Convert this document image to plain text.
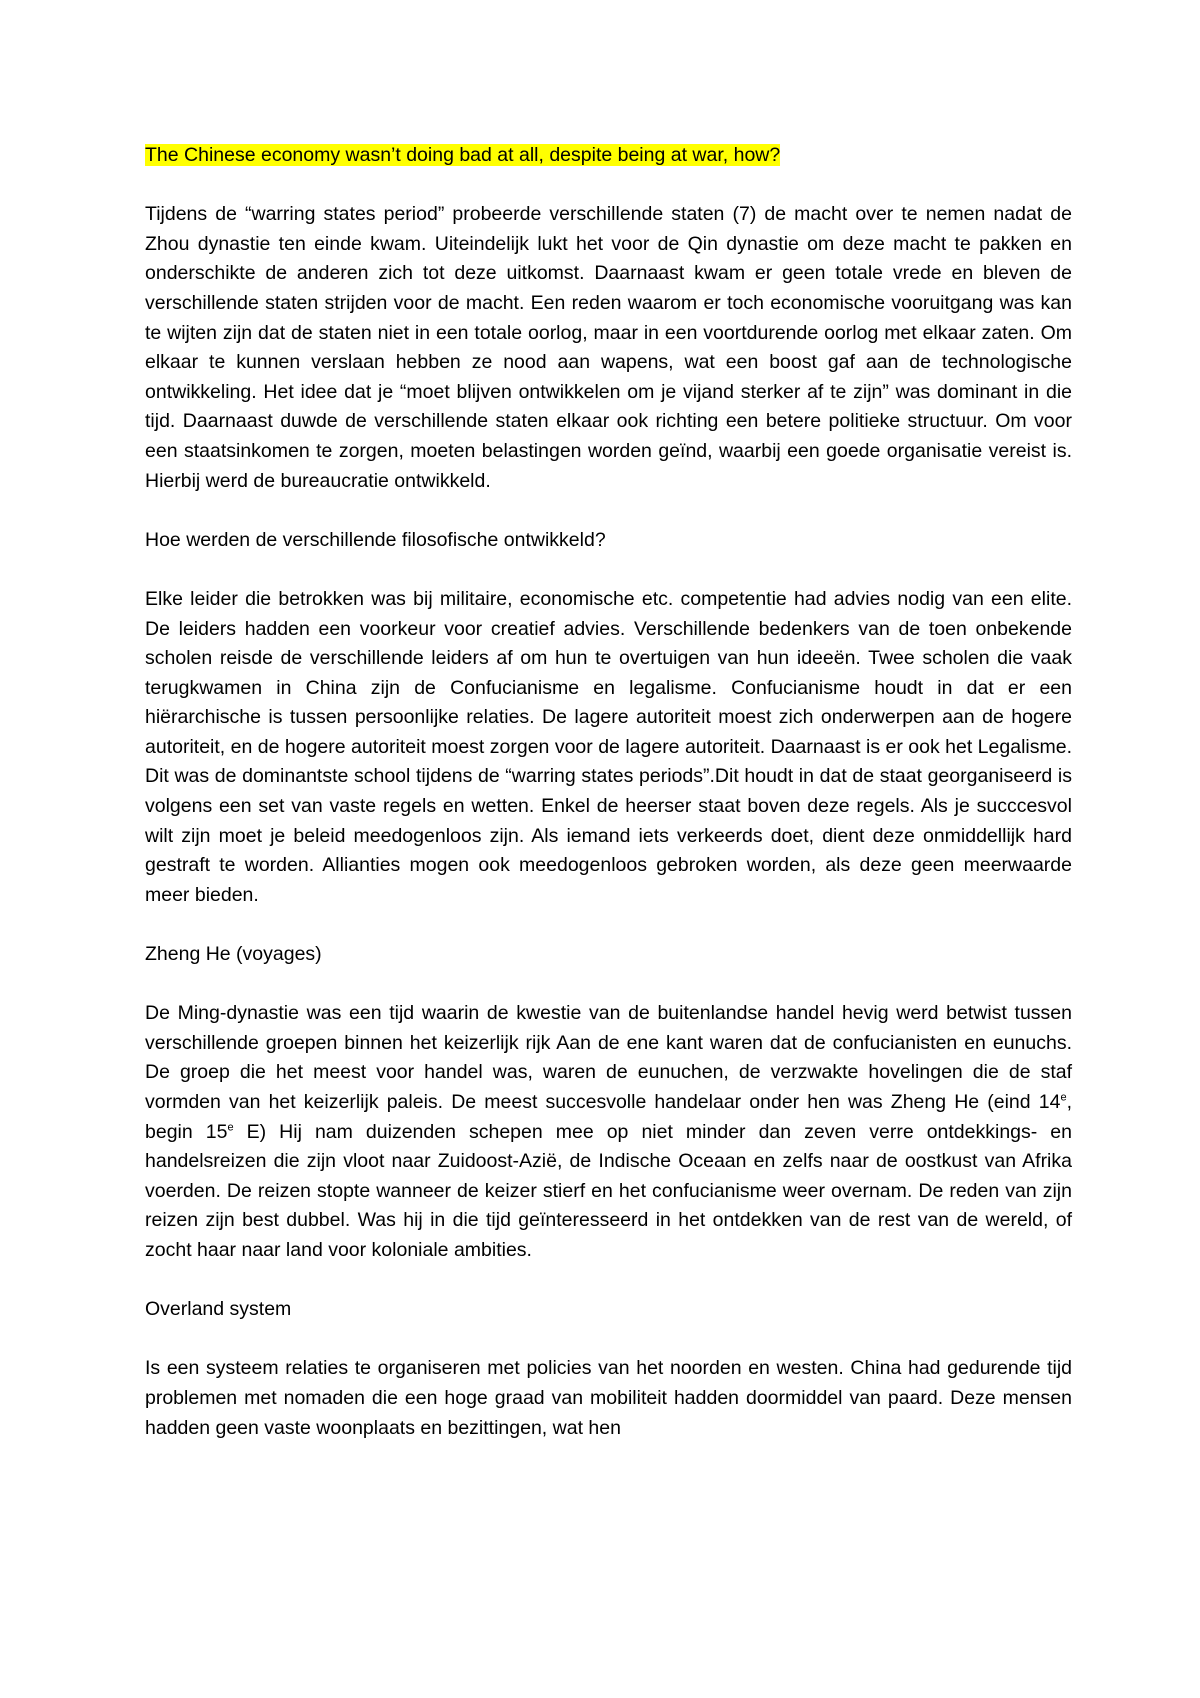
The Chinese economy wasn’t doing bad at all, despite being at war, how?

Tijdens de “warring states period” probeerde verschillende staten (7) de macht over te nemen nadat de Zhou dynastie ten einde kwam. Uiteindelijk lukt het voor de Qin dynastie om deze macht te pakken en onderschikte de anderen zich tot deze uitkomst. Daarnaast kwam er geen totale vrede en bleven de verschillende staten strijden voor de macht. Een reden waarom er toch economische vooruitgang was kan te wijten zijn dat de staten niet in een totale oorlog, maar in een voortdurende oorlog met elkaar zaten. Om elkaar te kunnen verslaan hebben ze nood aan wapens, wat een boost gaf aan de technologische ontwikkeling. Het idee dat je “moet blijven ontwikkelen om je vijand sterker af te zijn” was dominant in die tijd. Daarnaast duwde de verschillende staten elkaar ook richting een betere politieke structuur. Om voor een staatsinkomen te zorgen, moeten belastingen worden geïnd, waarbij een goede organisatie vereist is. Hierbij werd de bureaucratie ontwikkeld.

Hoe werden de verschillende filosofische ontwikkeld?

Elke leider die betrokken was bij militaire, economische etc. competentie had advies nodig van een elite. De leiders hadden een voorkeur voor creatief advies. Verschillende bedenkers van de toen onbekende scholen reisde de verschillende leiders af om hun te overtuigen van hun ideeën. Twee scholen die vaak terugkwamen in China zijn de Confucianisme en legalisme. Confucianisme houdt in dat er een hiërarchische is tussen persoonlijke relaties. De lagere autoriteit moest zich onderwerpen aan de hogere autoriteit, en de hogere autoriteit moest zorgen voor de lagere autoriteit. Daarnaast is er ook het Legalisme. Dit was de dominantste school tijdens de “warring states periods”.Dit houdt in dat de staat georganiseerd is volgens een set van vaste regels en wetten. Enkel de heerser staat boven deze regels. Als je succcesvol wilt zijn moet je beleid meedogenloos zijn. Als iemand iets verkeerds doet, dient deze onmiddellijk hard gestraft te worden. Allianties mogen ook meedogenloos gebroken worden, als deze geen meerwaarde meer bieden.

Zheng He (voyages)

De Ming-dynastie was een tijd waarin de kwestie van de buitenlandse handel hevig werd betwist tussen verschillende groepen binnen het keizerlijk rijk Aan de ene kant waren dat de confucianisten en eunuchs. De groep die het meest voor handel was, waren de eunuchen, de verzwakte hovelingen die de staf vormden van het keizerlijk paleis. De meest succesvolle handelaar onder hen was Zheng He (eind 14e, begin 15e E) Hij nam duizenden schepen mee op niet minder dan zeven verre ontdekkings- en handelsreizen die zijn vloot naar Zuidoost-Azië, de Indische Oceaan en zelfs naar de oostkust van Afrika voerden. De reizen stopte wanneer de keizer stierf en het confucianisme weer overnam. De reden van zijn reizen zijn best dubbel. Was hij in die tijd geïnteresseerd in het ontdekken van de rest van de wereld, of zocht haar naar land voor koloniale ambities.

Overland system

Is een systeem relaties te organiseren met policies van het noorden en westen. China had gedurende tijd problemen met nomaden die een hoge graad van mobiliteit hadden doormiddel van paard. Deze mensen hadden geen vaste woonplaats en bezittingen, wat hen
